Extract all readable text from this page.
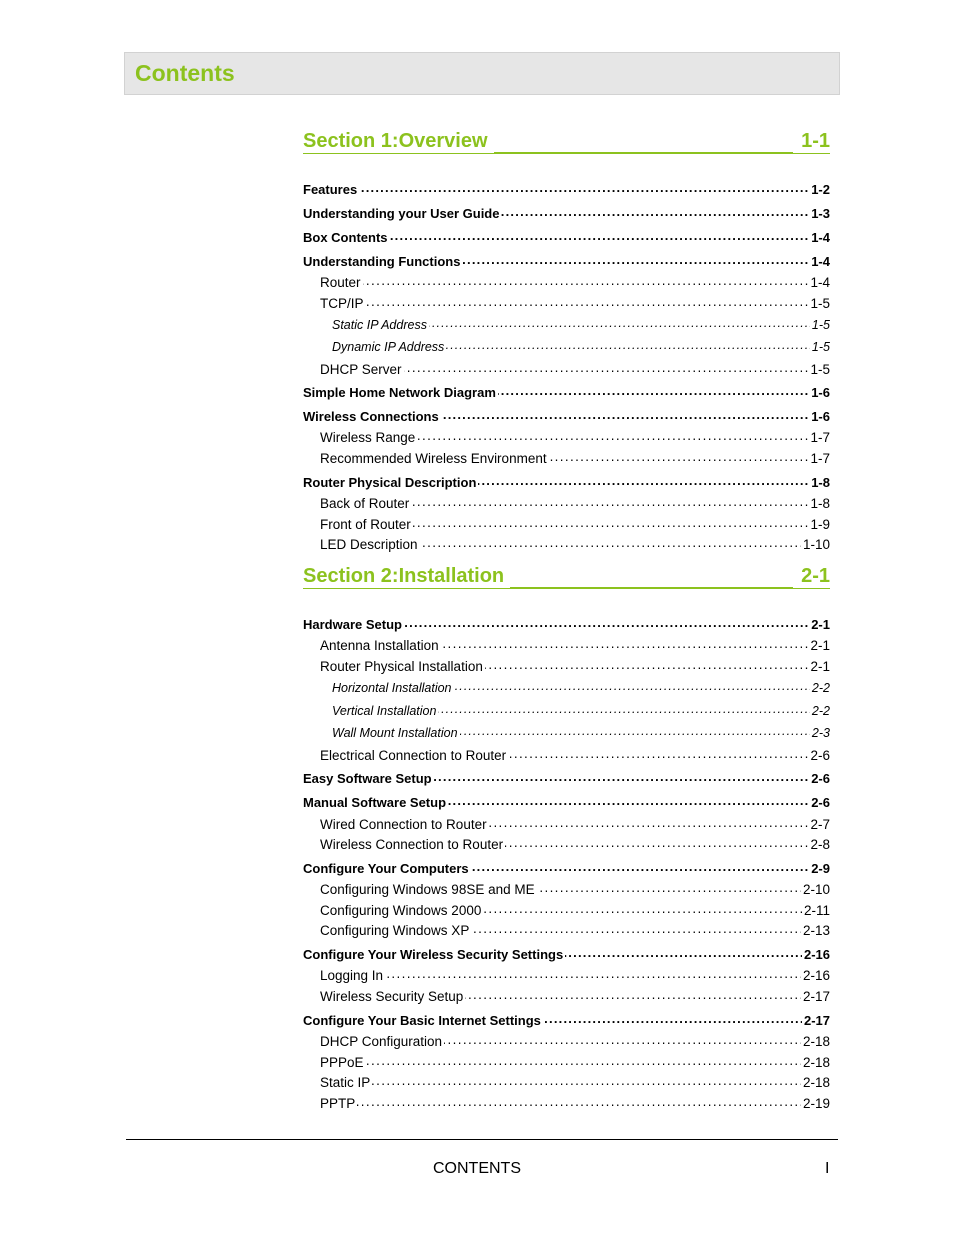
Contents
Section 1:Overview	1-1
Features	1-2
. . .
Understanding your User Guide	1-3
. . .
Box Contents	1-4
. . .
Understanding Functions	1-4
. . .
Router	1-4
. . .
TCP/IP	1-5
. . .
Static IP Address	1-5
. . .
Dynamic IP Address	1-5
. . .
DHCP Server	1-5
. . .
Simple Home Network Diagram	1-6
. . .
Wireless Connections	1-6
. . .
Wireless Range	1-7
. . .
Recommended Wireless Environment	1-7
. . .
Router Physical Description	1-8
. . .
Back of Router	1-8
. . .
Front of Router	1-9
. . .
LED Description	1-10
. . .
Section 2:Installation	2-1
Hardware Setup	2-1
. . .
Antenna Installation	2-1
. . .
Router Physical Installation	2-1
. . .
Horizontal Installation	2-2
. . .
Vertical Installation	2-2
. . .
Wall Mount Installation	2-3
. . .
Electrical Connection to Router	2-6
. . .
Easy Software Setup	2-6
. . .
Manual Software Setup	2-6
. . .
Wired Connection to Router	2-7
. . .
Wireless Connection to Router	2-8
. . .
Configure Your Computers	2-9
. . .
Configuring Windows 98SE and ME	2-10
. . .
Configuring Windows 2000	2-11
. . .
Configuring Windows XP	2-13
. . .
Configure Your Wireless Security Settings	2-16
. . .
Logging In	2-16
. . .
Wireless Security Setup	2-17
. . .
Configure Your Basic Internet Settings	2-17
. . .
DHCP Configuration	2-18
. . .
PPPoE	2-18
. . .
Static IP	2-18
. . .
PPTP	2-19
. . .
CONTENTS	I
